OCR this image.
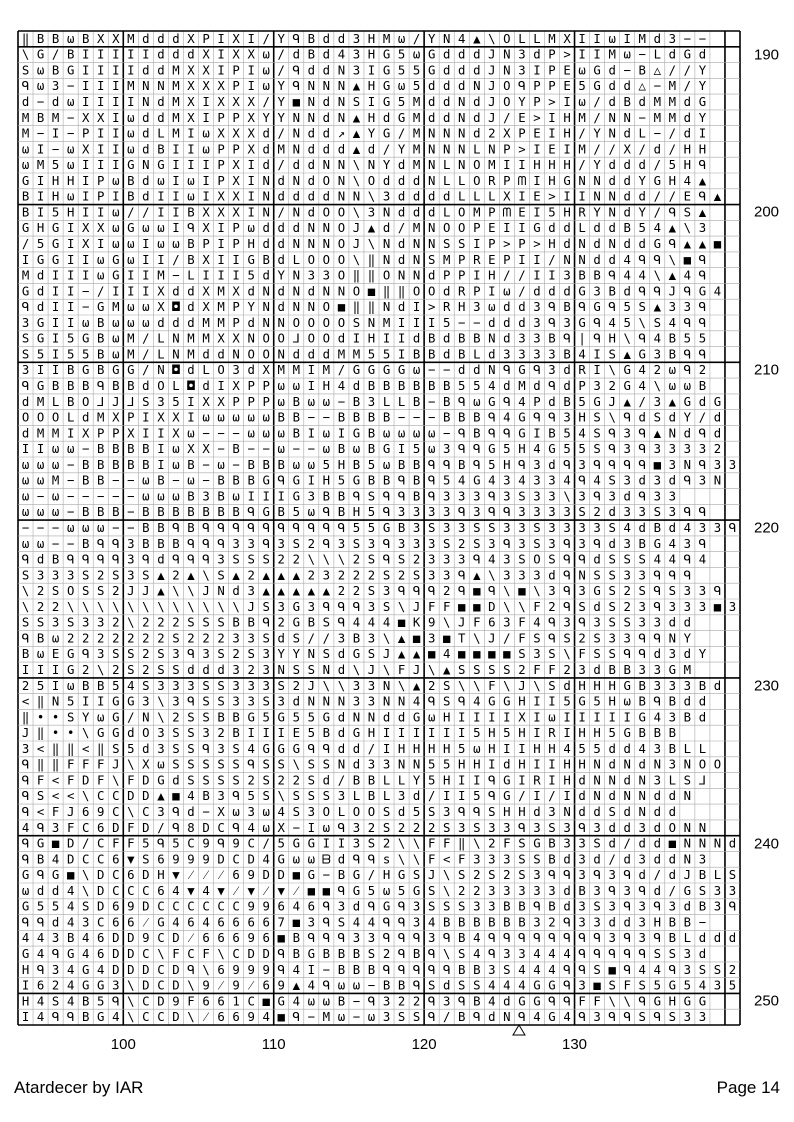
‖ B B ω B X X M d d d X P I X I / Y ᑫ B d d 3 H M ω / Y N 4 ▲ \ O L L M X I I ω I M d 3 − −
\ G / B I I I I I d d d X I X X ω / d B d 4 3 H G 5 ω G d d d J N 3 d P > I I M ω − L d G d
S ω B G I I I I d d M X X I P I ω / ᑫ d d N 3 I G 5 5 G d d d J N 3 I P E ω G d − B △ / / Y
ᑫ ω 3 − I I I M N N M X X X P I ω Y ᑫ N N N ▲ H G ω 5 d d d N J O ᑫ P P E 5 G d d △ − M / Y
d − d ω I I I I N d M X I X X X / Y ■ N d N S I G 5 M d d N d J O Y P > I ω / d B d M M d G
M B M − X X I ω d d M X I P P X Y Y N N d N ▲ H d G M d d N d J / E > I H M / N N − M M d Y
M − I − P I I ω d L M I ω X X X d / N d d ↗ ▲ Y G / M N N N d 2 X P E I H / Y N d L − / d I
ω I − ω X I I ω d B I I ω P P X d M N d d d ▲ d / Y M N N N L N P > I E I M / / X / d / H H
ω M 5 ω I I I G N G I I I P X I d / d d N N \ N Y d M N L N O M I I H H H / Y d d d / 5 H ᑫ
G I H H I P ω B d ω I ω I P X I N d N d O N \ O d d d N L L O R P ᗰ I H G N N d d Y G H 4 ▲
B I H ω I P I B d I I ω I X X I N d d d d N N \ 3 d d d d L L L X I E > I I N N d d / / E ᑫ ▲
B I 5 H I I ω / / I I B X X X I N / N d O O \ 3 N d d d L O M P ᗰ E I 5 H R Y N d Y / ᑫ S ▲
G H G I X X ω G ω ω I ᑫ X I P ω d d d N N O J ▲ d / M N O O P E I I G d d L d d B 5 4 ▲ \ 3
/ 5 G I X I ω ω I ω ω B P I P H d d N N N O J \ N d N N S S I P > P > H d N d N d d G ᑫ ▲ ▲ ■
I G G I I ω G ω I I / B X I I G B d L O O O \ ‖ N d N S M P R E P I I / N N d d 4 ᑫ ᑫ \ ■ ᑫ
M d I I I ω G I I M − L I I I 5 d Y N 3 3 O ‖ ‖ O N N d P P I H / / I I 3 B B ᑫ 4 4 \ ▲ 4 ᑫ
G d I I − / I I I X d d X M X d N d N d N N O ■ ‖ ‖ O O d R P I ω / d d d G 3 B d ᑫ ᑫ J ᑫ G 4
ᑫ d I I − G M ω ω X ◘ d X M P Y N d N N O ■ ‖ ‖ N d I > R H 3 ω d d 3 ᑫ B ᑫ G ᑫ 5 S ▲ 3 3 ᑫ
3 G I I ω B ω ω ω d d d M M P d N N O O O O S N M I I I 5 − − d d d 3 ᑫ 3 G ᑫ 4 5 \ S 4 ᑫ ᑫ
S G I 5 G B ω M / L N M M X X N O O ⅃ O O d I H I I d B d B B N d 3 3 B ᑫ | ᑫ H \ ᑫ 4 B 5 5
S 5 I 5 5 B ω M / L N M d d N O O N d d d M M 5 5 I B B d B L d 3 3 3 3 B 4 I S ▲ G 3 B ᑫ ᑫ
3 I I B G B G G / N ◘ d L O 3 d X M M I M / G G G G ω − − d d N ᑫ G ᑫ 3 d R I \ G 4 2 ω ᑫ 2
ᑫ G B B B ᑫ B B d O L ◘ d I X P P ω ω I H 4 d B B B B B B 5 5 4 d M d ᑫ d P 3 2 G 4 \ ω ω B
d M L B O ⅃ J ⅃ S 3 5 I X X P P P ω B ω ω − B 3 L L B − B ᑫ ω G ᑫ 4 P d B 5 G J ▲ / 3 ▲ G d G
O O O L d M X P I X X I ω ω ω ω ω B B − − B B B B − − − B B B ᑫ 4 G ᑫ ᑫ 3 H S \ ᑫ d S d Y / d
d M M I X P P X I I X ω − − − ω ω ω B I ω I G B ω ω ω ω − ᑫ B ᑫ ᑫ G I B 5 4 S ᑫ 3 ᑫ ▲ N d ᑫ d
I I ω ω − B B B B I ω X X − B − − ω − − ω B ω B G I 5 ω 3 ᑫ ᑫ G 5 H 4 G 5 5 S ᑫ 3 ᑫ 3 3 3 3 2
ω ω ω − B B B B B I ω B − ω − B B B ω ω 5 H B 5 ω B B ᑫ ᑫ B ᑫ 5 H ᑫ 3 d ᑫ 3 ᑫ ᑫ ᑫ ᑫ ■ 3 N ᑫ 3 3
ω ω M − B B − − ω B − ω − B B B G ᑫ G I H 5 G B B ᑫ B ᑫ 5 4 G 4 3 4 3 3 4 ᑫ 4 S 3 d 3 d ᑫ 3 N
ω − ω − − − − − ω ω ω B 3 B ω I I I G 3 B B ᑫ S ᑫ ᑫ B ᑫ 3 3 3 ᑫ 3 S 3 3 \ 3 ᑫ 3 d ᑫ 3 3
ω ω ω − B B B − B B B B B B B ᑫ G B 5 ω ᑫ B H 5 ᑫ 3 3 3 3 ᑫ 3 ᑫ ᑫ 3 3 3 3 S 2 d 3 3 S 3 ᑫ ᑫ
− − − ω ω ω − − B B ᑫ B ᑫ ᑫ ᑫ ᑫ ᑫ ᑫ ᑫ ᑫ ᑫ ᑫ 5 5 G B 3 S 3 3 S S 3 3 S 3 3 3 3 S 4 d B d 4 3 3 ᑫ
ω ω − − B ᑫ ᑫ 3 B B B ᑫ ᑫ ᑫ 3 3 ᑫ 3 S 2 ᑫ 3 S 3 ᑫ 3 3 3 S 2 S 3 ᑫ 3 S 3 ᑫ 3 ᑫ d 3 B G 4 3 ᑫ
ᑫ d B ᑫ ᑫ ᑫ ᑫ 3 ᑫ d ᑫ ᑫ ᑫ 3 S S S 2 2 \ \ \ 2 S ᑫ S 2 3 3 3 ᑫ 4 3 S O S ᑫ ᑫ d S S S 4 4 ᑫ 4
S 3 3 3 S 2 S 3 S ▲ 2 ▲ \ S ▲ 2 ▲ ▲ ▲ 2 3 2 2 2 S 2 S 3 3 ᑫ ▲ \ 3 3 3 d ᑫ N S S 3 3 ᑫ ᑫ ᑫ
\ 2 S O S S 2 J J ▲ \ \ J N d 3 ▲ ▲ ▲ ▲ ▲ 2 2 S 3 ᑫ ᑫ ᑫ 2 ᑫ ■ ᑫ \ ■ \ 3 ᑫ 3 G S 2 S ᑫ S 3 3 ᑫ
\ 2 2 \ \ \ \ \ \ \ \ \ \ \ \ J S 3 G 3 ᑫ ᑫ ᑫ 3 S \ J F F ■ ■ D \ \ F 2 ᑫ S d S 2 3 ᑫ 3 3 3 ■ 3
S S 3 S 3 3 2 \ 2 2 2 S S S B B ᑫ 2 G B S ᑫ 4 4 4 ■ K 9 \ J F 6 3 F 4 ᑫ 3 ᑫ 3 S S 3 3 d d
ᑫ B ω 2 2 2 2 2 2 2 S 2 2 2 3 3 S d S / / 3 B 3 \ ▲ ■ 3 ■ T \ J / F S ᑫ S 2 S 3 3 ᑫ ᑫ N Y
B ω E G ᑫ 3 S S 2 S 3 ᑫ 3 S 2 S 3 Y Y N S d G S J ▲ ▲ ■ 4 ■ ■ ■ ■ S 3 S \ F S S ᑫ ᑫ d 3 d Y
I I I G 2 \ 2 S 2 S S d d d 3 2 3 N S S N d \ J \ F J \ ▲ S S S S 2 F F 2 3 d B B 3 3 G M
2 5 I ω B B 5 4 S 3 3 3 S S 3 3 3 S 2 J \ \ 3 3 N \ ▲ 2 S \ \ F \ J \ S d H H H G B 3 3 3 B d
< ‖ N 5 I I G G 3 \ 3 ᑫ S S 3 3 S 3 d N N N 3 3 N N 4 ᑫ S ᑫ 4 G G H I I 5 G 5 H ω B ᑫ B d d
‖ • • S Y ω G / N \ 2 S S B B G 5 G 5 5 G d N N d d G ω H I I I I X I ω I I I I I G 4 3 B d
J ‖ • • \ G G d O 3 S S 3 2 B I I I E 5 B d G H I I I I I I 5 H 5 H I R I H H 5 G B B B
3 < ‖ ‖ < ‖ S 5 d 3 S S ᑫ 3 S 4 G G G ᑫ ᑫ d d / I H H H H 5 ω H I I H H 4 5 5 d d 4 3 B L L
ᑫ ‖ ‖ F F F J \ X ω S S S S S ᑫ S S \ S S N d 3 3 N N 5 5 H H I d H I I H H N d N d N 3 N O O
ᑫ F < F D F \ F D G d S S S S 2 S 2 2 S d / B B L L Y 5 H I I ᑫ G I R I H d N N d N 3 L S ⅃
ᑫ S < < \ C C D D ▲ ■ 4 B 3 ᑫ 5 S \ S S S 3 L B L 3 d / I I 5 ᑫ G / I / I d N d N N d d N
ᑫ < F J 6 9 C \ C 3 ᑫ d − X ω 3 ω 4 S 3 O L O O S d 5 S 3 ᑫ ᑫ S H H d 3 N d d S d N d d
4 ᑫ 3 F C 6 D F D / ᑫ 8 D C ᑫ 4 ω X − I ω ᑫ 3 2 S 2 2 2 S 3 S 3 3 ᑫ 3 S 3 ᑫ 3 d d 3 d O N N
ᑫ G ■ D / C F F 5 ᑫ 5 C 9 ᑫ 9 C / 5 G G I I 3 S 2 \ \ F F ‖ \ 2 F S G B 3 3 S d / d d ■ N N N d
ᑫ B 4 D C C 6 ▼ S 6 9 9 9 D C D 4 G ω ω ᗷ d ᑫ ᑫ s \ \ F < F 3 3 3 S S B d 3 d / d 3 d d N 3
G ᑫ G ■ \ D C 6 D H ▼ ⁄ ⁄ ⁄ 6 9 D D ■ G − B G / H G S J \ S 2 S 2 S 3 ᑫ ᑫ 3 ᑫ 3 ᑫ d / d J B L S
ω d d 4 \ D C C C 6 4 ▼ 4 ▼ ⁄ ▼ ⁄ ▼ ⁄ ■ ■ ᑫ G 5 ω 5 G S \ 2 2 3 3 3 3 3 d B 3 ᑫ 3 ᑫ d / G S 3 3
G 5 5 4 S D 6 9 D C C C C C C 9 9 6 4 6 ᑫ 3 d ᑫ G ᑫ 3 S S S 3 3 B B ᑫ B d 3 S 3 ᑫ 3 ᑫ 3 d B 3 ᑫ
ᑫ ᑫ d 4 3 C 6 6 ⁄ G 4 6 4 6 6 6 6 7 ■ 3 ᑫ S 4 4 ᑫ ᑫ 3 4 B B B B B B 3 2 ᑫ 3 3 d d 3 H B B −
4 4 3 B 4 6 D D 9 C D ⁄ 6 6 6 9 6 ■ B ᑫ ᑫ ᑫ 3 3 ᑫ ᑫ ᑫ 3 ᑫ B 4 ᑫ ᑫ ᑫ ᑫ ᑫ ᑫ ᑫ ᑫ 3 ᑫ 3 ᑫ B L d d d
G 4 ᑫ G 4 6 D D C \ F C F \ C D D ᑫ B G B B B S 2 ᑫ B ᑫ \ S 4 ᑫ 3 3 4 4 4 ᑫ ᑫ ᑫ ᑫ ᑫ S S 3 d
H ᑫ 3 4 G 4 D D D C D ᑫ \ 6 9 9 9 ᑫ 4 I − B B B ᑫ ᑫ ᑫ ᑫ ᑫ B B 3 S 4 4 4 ᑫ ᑫ S ■ ᑫ 4 4 ᑫ 3 S S 2
I 6 2 4 G G 3 \ D C D \ 9 ⁄ 9 ⁄ 6 9 ▲ 4 ᑫ ω ω − B B ᑫ S d S S 4 4 4 G G ᑫ 3 ■ S F S 5 G 5 4 3 5
H 4 S 4 B 5 ᑫ \ C D 9 F 6 6 1 C ■ G 4 ω ω B − ᑫ 3 2 2 ᑫ 3 ᑫ B 4 d G G ᑫ ᑫ F F \ \ ᑫ G H G G
I 4 ᑫ ᑫ B G 4 \ C C D \ ⁄ 6 6 9 4 ■ ᑫ − M ω − ω 3 S S ᑫ / B ᑫ d N ᑫ 4 G 4 ᑫ 3 ᑫ ᑫ S ᑫ S 3 3
190
200
210
220
230
240
250
100	110	120	130
Atardecer by IAR	Page 14
